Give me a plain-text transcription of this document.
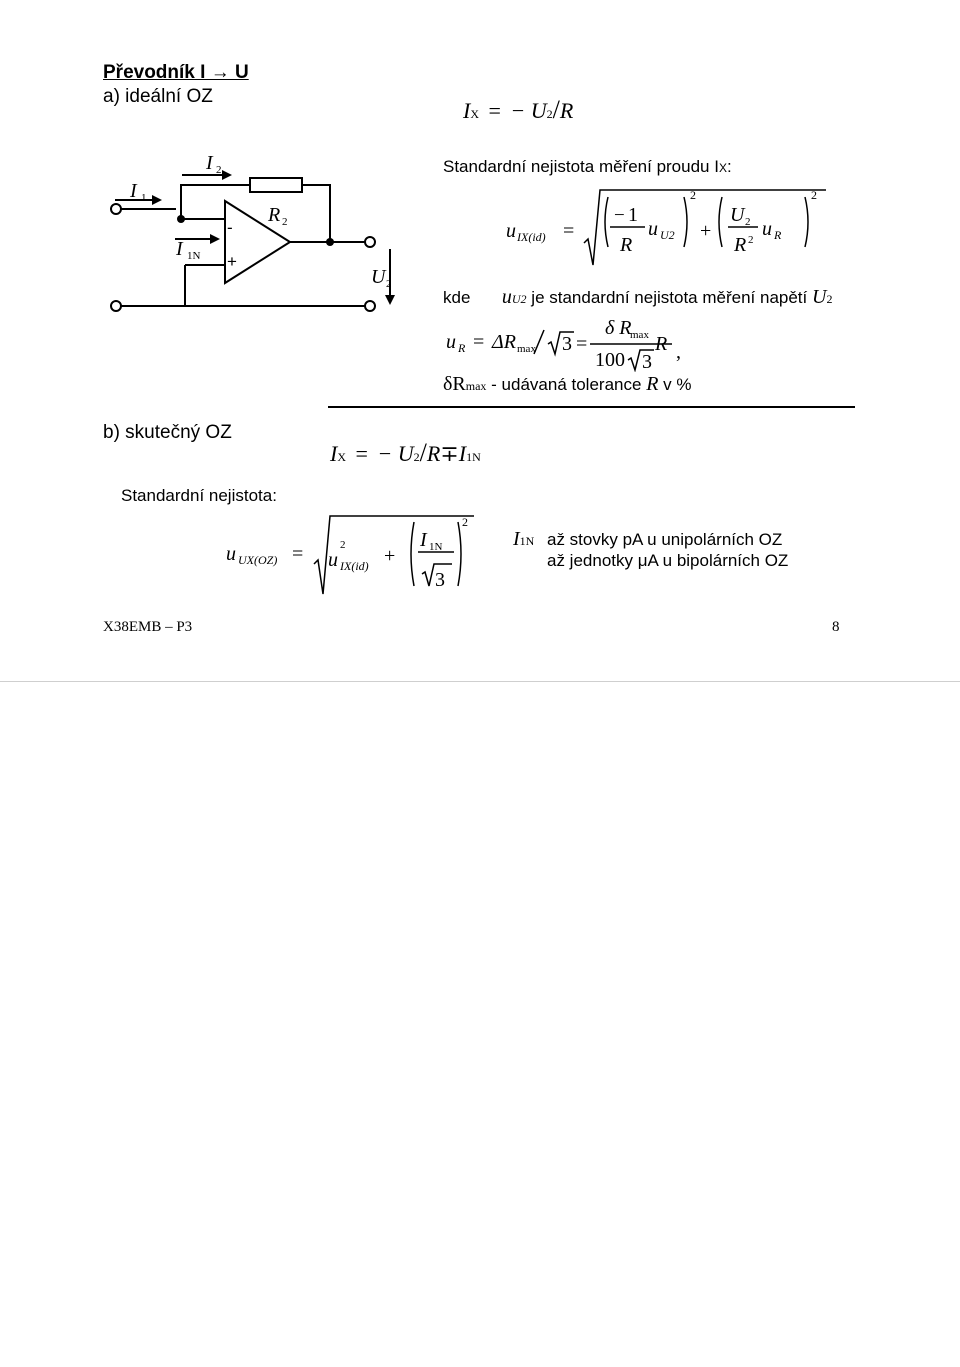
Převodník I → U
a) ideální OZ
IX = − U2/R
I 1
I 2
I 1N
R 2
U 2
-
+
Standardní nejistota měření proudu IX:
u IX(id) =
− 1
R
u U2
2
+
U 2
R 2 u R
2
kde uU2 je standardní nejistota měření napětí U2
u R = ΔR max 3 =
δ R
max
100 3
R ,
δRmax - udávaná tolerance R v %
b) skutečný OZ
IX = − U2/R∓I1N
Standardní nejistota:
u UX(OZ) = u
2
IX(id) +
I 1N
3
2
I1N až stovky pA u unipolárních OZ
až jednotky μA u bipolárních OZ
X38EMB – P3	8
